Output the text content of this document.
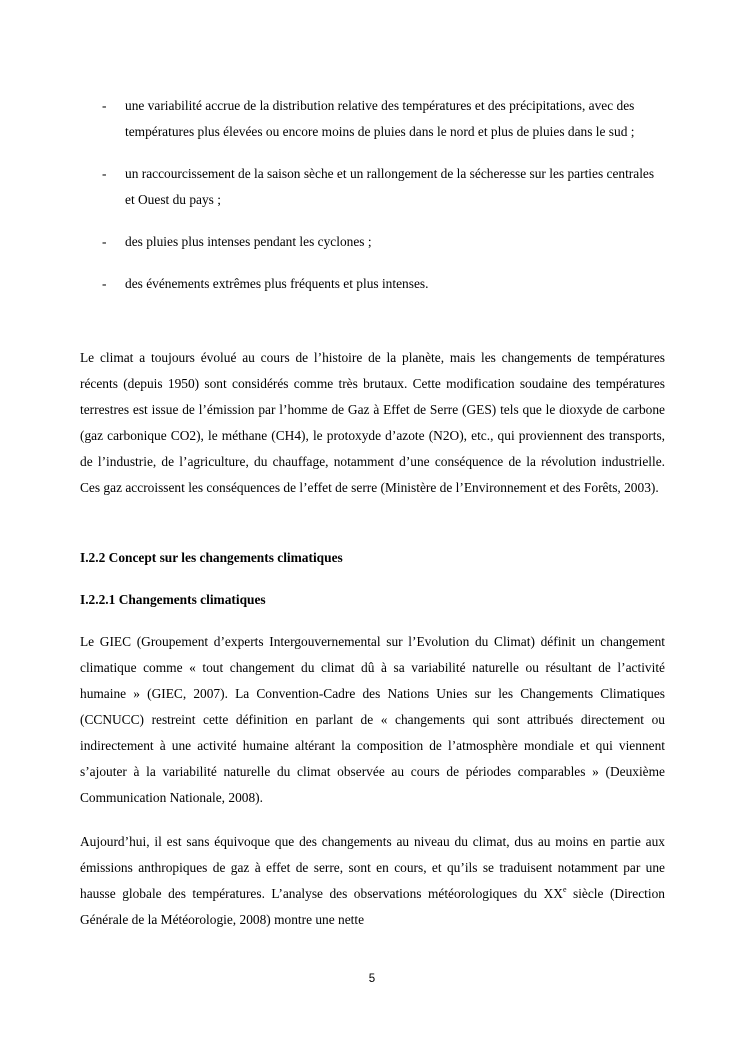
- une variabilité accrue de la distribution relative des températures et des précipitations, avec des températures plus élevées ou encore moins de pluies dans le nord et plus de pluies dans le sud ;
- un raccourcissement de la saison sèche et un rallongement de la sécheresse sur les parties centrales et Ouest du pays ;
- des pluies plus intenses pendant les cyclones ;
- des événements extrêmes plus fréquents et plus intenses.
Le climat a toujours évolué au cours de l’histoire de la planète, mais les changements de températures récents (depuis 1950) sont considérés comme très brutaux. Cette modification soudaine des températures terrestres est issue de l’émission par l’homme de Gaz à Effet de Serre (GES) tels que le dioxyde de carbone (gaz carbonique CO2), le méthane (CH4), le protoxyde d’azote (N2O), etc., qui proviennent des transports, de l’industrie, de l’agriculture, du chauffage, notamment d’une conséquence de la révolution industrielle. Ces gaz accroissent les conséquences de l’effet de serre (Ministère de l’Environnement et des Forêts, 2003).
I.2.2 Concept sur les changements climatiques
I.2.2.1 Changements climatiques
Le GIEC (Groupement d’experts Intergouvernemental sur l’Evolution du Climat) définit un changement climatique comme « tout changement du climat dû à sa variabilité naturelle ou résultant de l’activité humaine » (GIEC, 2007). La Convention-Cadre des Nations Unies sur les Changements Climatiques (CCNUCC) restreint cette définition en parlant de « changements qui sont attribués directement ou indirectement à une activité humaine altérant la composition de l’atmosphère mondiale et qui viennent s’ajouter à la variabilité naturelle du climat observée au cours de périodes comparables » (Deuxième Communication Nationale, 2008).
Aujourd’hui, il est sans équivoque que des changements au niveau du climat, dus au moins en partie aux émissions anthropiques de gaz à effet de serre, sont en cours, et qu’ils se traduisent notamment par une hausse globale des températures. L’analyse des observations météorologiques du XXe siècle (Direction Générale de la Météorologie, 2008) montre une nette
5
